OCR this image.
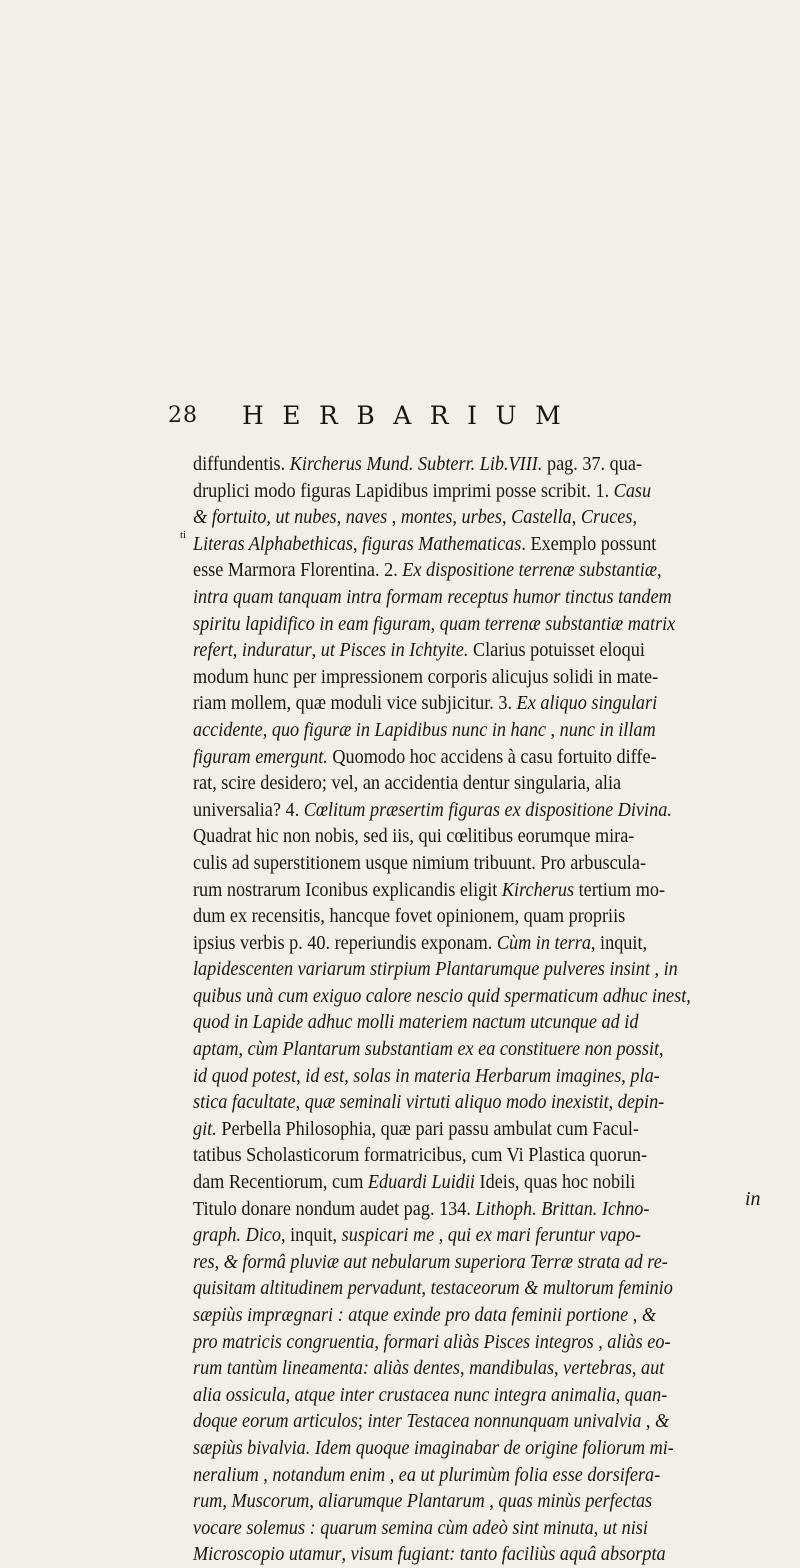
28 HERBARIUM
ti
diffundentis. Kircherus Mund. Subterr. Lib.VIII. pag. 37. qua-
druplici modo figuras Lapidibus imprimi posse scribit. 1. Casu
& fortuito, ut nubes, naves , montes, urbes, Castella, Cruces,
Literas Alphabethicas, figuras Mathematicas. Exemplo possunt
esse Marmora Florentina. 2. Ex dispositione terrenæ substantiæ,
intra quam tanquam intra formam receptus humor tinctus tandem
spiritu lapidifico in eam figuram, quam terrenæ substantiæ matrix
refert, induratur, ut Pisces in Ichtyite. Clarius potuisset eloqui
modum hunc per impressionem corporis alicujus solidi in mate-
riam mollem, quæ moduli vice subjicitur. 3. Ex aliquo singulari
accidente, quo figuræ in Lapidibus nunc in hanc , nunc in illam
figuram emergunt. Quomodo hoc accidens à casu fortuito diffe-
rat, scire desidero; vel, an accidentia dentur singularia, alia
universalia? 4. Cœlitum præsertim figuras ex dispositione Divina.
Quadrat hic non nobis, sed iis, qui cœlitibus eorumque mira-
culis ad superstitionem usque nimium tribuunt. Pro arbuscula-
rum nostrarum Iconibus explicandis eligit Kircherus tertium mo-
dum ex recensitis, hancque fovet opinionem, quam propriis
ipsius verbis p. 40. reperiundis exponam. Cùm in terra, inquit,
lapidescenten variarum stirpium Plantarumque pulveres insint , in
quibus unà cum exiguo calore nescio quid spermaticum adhuc inest,
quod in Lapide adhuc molli materiem nactum utcunque ad id
aptam, cùm Plantarum substantiam ex ea constituere non possit,
id quod potest, id est, solas in materia Herbarum imagines, pla-
stica facultate, quæ seminali virtuti aliquo modo inexistit, depin-
git. Perbella Philosophia, quæ pari passu ambulat cum Facul-
tatibus Scholasticorum formatricibus, cum Vi Plastica quorun-
dam Recentiorum, cum Eduardi Luidii Ideis, quas hoc nobili
Titulo donare nondum audet pag. 134. Lithoph. Brittan. Ichno-
graph. Dico, inquit, suspicari me , qui ex mari feruntur vapo-
res, & formâ pluviæ aut nebularum superiora Terræ strata ad re-
quisitam altitudinem pervadunt, testaceorum & multorum feminio
sæpiùs imprægnari : atque exinde pro data feminii portione , &
pro matricis congruentia, formari aliàs Pisces integros , aliàs eo-
rum tantùm lineamenta: aliàs dentes, mandibulas, vertebras, aut
alia ossicula, atque inter crustacea nunc integra animalia, quan-
doque eorum articulos; inter Testacea nonnunquam univalvia , &
sæpiùs bivalvia. Idem quoque imaginabar de origine foliorum mi-
neralium , notandum enim , ea ut plurimùm folia esse dorsifera-
rum, Muscorum, aliarumque Plantarum , quas minùs perfectas
vocare solemus : quarum semina cùm adeò sint minuta, ut nisi
Microscopio utamur, visum fugiant: tanto faciliùs aquâ absorpta
in
